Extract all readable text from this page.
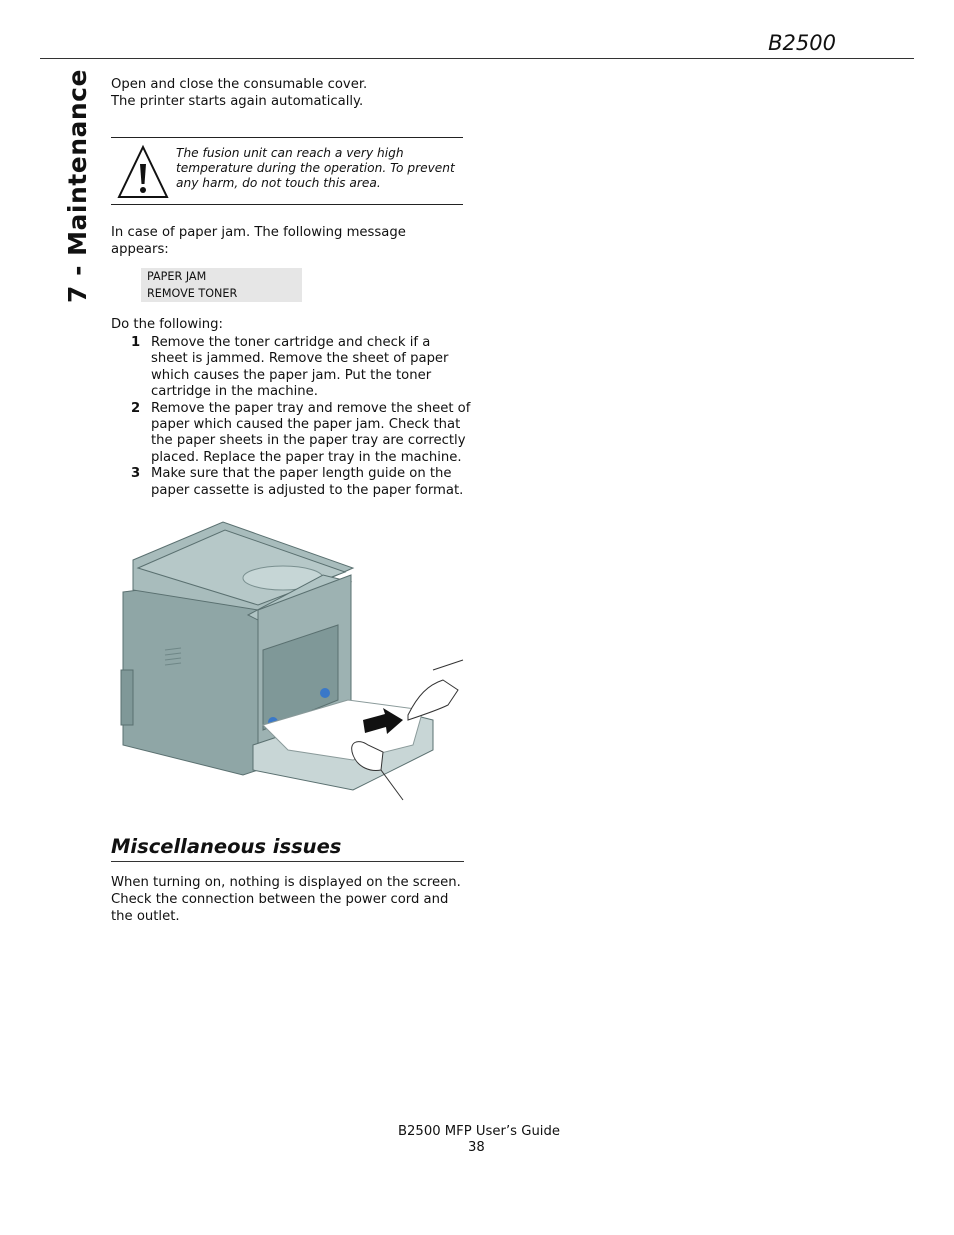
B2500
7 - Maintenance Open and close the consumable cover.

The printer starts again automatically.

The fusion unit can reach a very high temperature during the operation. To prevent any harm, do not touch this area.
In case of paper jam. The following message appears:
PAPER JAM
REMOVE TONER
Do the following:

1 Remove the toner cartridge and check if a sheet is jammed. Remove the sheet of paper which causes the paper jam. Put the toner cartridge in the machine.

2 Remove the paper tray and remove the sheet of paper which caused the paper jam. Check that the paper sheets in the paper tray are correctly placed. Replace the paper tray in the machine.

3 Make sure that the paper length guide on the paper cassette is adjusted to the paper format.

Miscellaneous issues

When turning on, nothing is displayed on the screen.

Check the connection between the power cord and the outlet.

B2500 MFP User’s Guide
38
